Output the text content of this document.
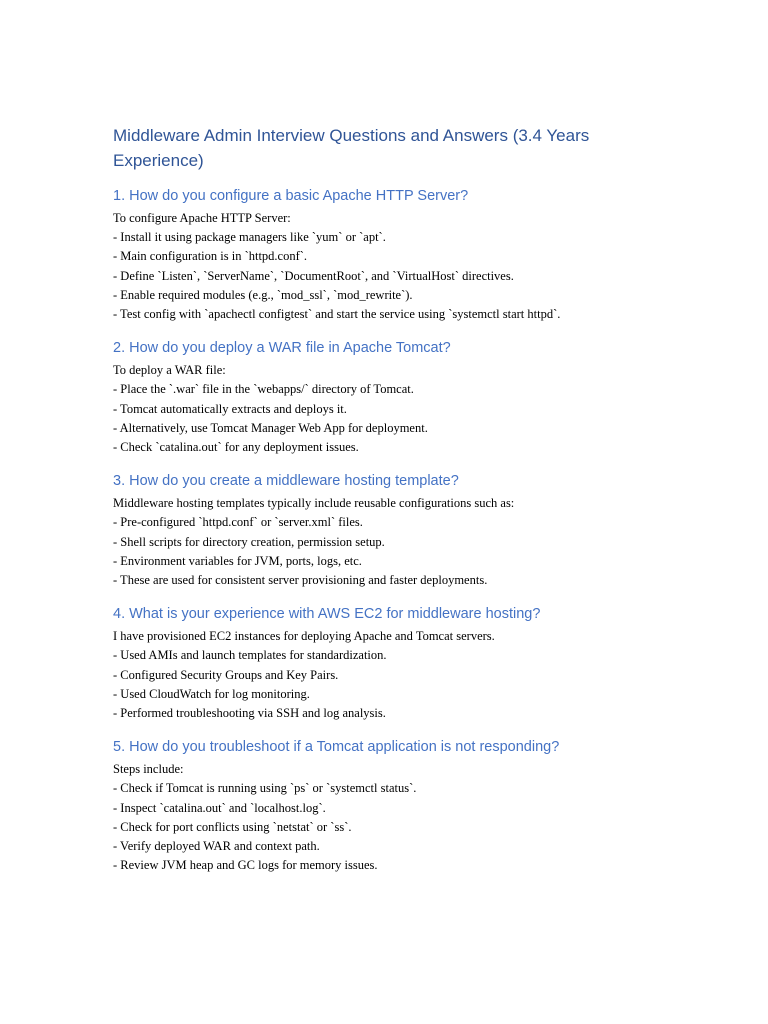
Middleware Admin Interview Questions and Answers (3.4 Years
Experience)
1. How do you configure a basic Apache HTTP Server?
To configure Apache HTTP Server:
- Install it using package managers like `yum` or `apt`.
- Main configuration is in `httpd.conf`.
- Define `Listen`, `ServerName`, `DocumentRoot`, and `VirtualHost` directives.
- Enable required modules (e.g., `mod_ssl`, `mod_rewrite`).
- Test config with `apachectl configtest` and start the service using `systemctl start httpd`.
2. How do you deploy a WAR file in Apache Tomcat?
To deploy a WAR file:
- Place the `.war` file in the `webapps/` directory of Tomcat.
- Tomcat automatically extracts and deploys it.
- Alternatively, use Tomcat Manager Web App for deployment.
- Check `catalina.out` for any deployment issues.
3. How do you create a middleware hosting template?
Middleware hosting templates typically include reusable configurations such as:
- Pre-configured `httpd.conf` or `server.xml` files.
- Shell scripts for directory creation, permission setup.
- Environment variables for JVM, ports, logs, etc.
- These are used for consistent server provisioning and faster deployments.
4. What is your experience with AWS EC2 for middleware hosting?
I have provisioned EC2 instances for deploying Apache and Tomcat servers.
- Used AMIs and launch templates for standardization.
- Configured Security Groups and Key Pairs.
- Used CloudWatch for log monitoring.
- Performed troubleshooting via SSH and log analysis.
5. How do you troubleshoot if a Tomcat application is not responding?
Steps include:
- Check if Tomcat is running using `ps` or `systemctl status`.
- Inspect `catalina.out` and `localhost.log`.
- Check for port conflicts using `netstat` or `ss`.
- Verify deployed WAR and context path.
- Review JVM heap and GC logs for memory issues.
